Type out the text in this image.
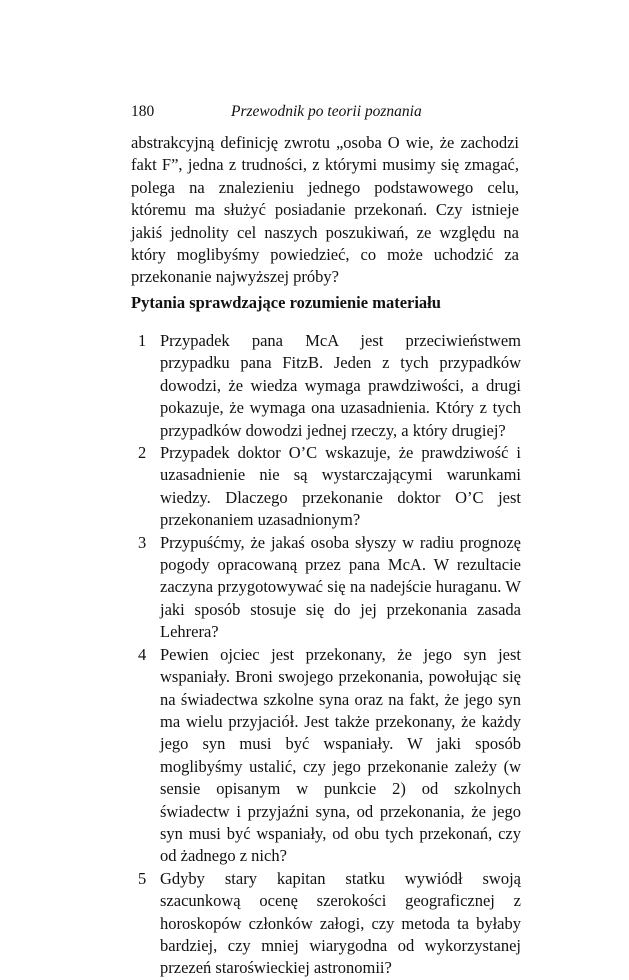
180	Przewodnik po teorii poznania

abstrakcyjną definicję zwrotu „osoba O wie, że zachodzi fakt F”, jedna z trudności, z którymi musimy się zmagać, polega na znalezieniu jednego podstawowego celu, któremu ma służyć posiadanie przekonań. Czy istnieje jakiś jednolity cel naszych poszukiwań, ze względu na który moglibyśmy powiedzieć, co może uchodzić za przekonanie najwyższej próby?

Pytania sprawdzające rozumienie materiału
1 Przypadek pana McA jest przeciwieństwem przypadku pana FitzB. Jeden z tych przypadków dowodzi, że wiedza wymaga prawdziwości, a drugi pokazuje, że wymaga ona uzasadnienia. Który z tych przypadków dowodzi jednej rzeczy, a który drugiej?
2 Przypadek doktor O’C wskazuje, że prawdziwość i uzasadnienie nie są wystarczającymi warunkami wiedzy. Dlaczego przekonanie doktor O’C jest przekonaniem uzasadnionym?
3 Przypuśćmy, że jakaś osoba słyszy w radiu prognozę pogody opracowaną przez pana McA. W rezultacie zaczyna przygotowywać się na nadejście huraganu. W jaki sposób stosuje się do jej przekonania zasada Lehrera?
4 Pewien ojciec jest przekonany, że jego syn jest wspaniały. Broni swojego przekonania, powołując się na świadectwa szkolne syna oraz na fakt, że jego syn ma wielu przyjaciół. Jest także przekonany, że każdy jego syn musi być wspaniały. W jaki sposób moglibyśmy ustalić, czy jego przekonanie zależy (w sensie opisanym w punkcie 2) od szkolnych świadectw i przyjaźni syna, od przekonania, że jego syn musi być wspaniały, od obu tych przekonań, czy od żadnego z nich?
5 Gdyby stary kapitan statku wywiódł swoją szacunkową ocenę szerokości geograficznej z horoskopów członków załogi, czy metoda ta byłaby bardziej, czy mniej wiarygodna od wykorzystanej przezeń staroświeckiej astronomii?
